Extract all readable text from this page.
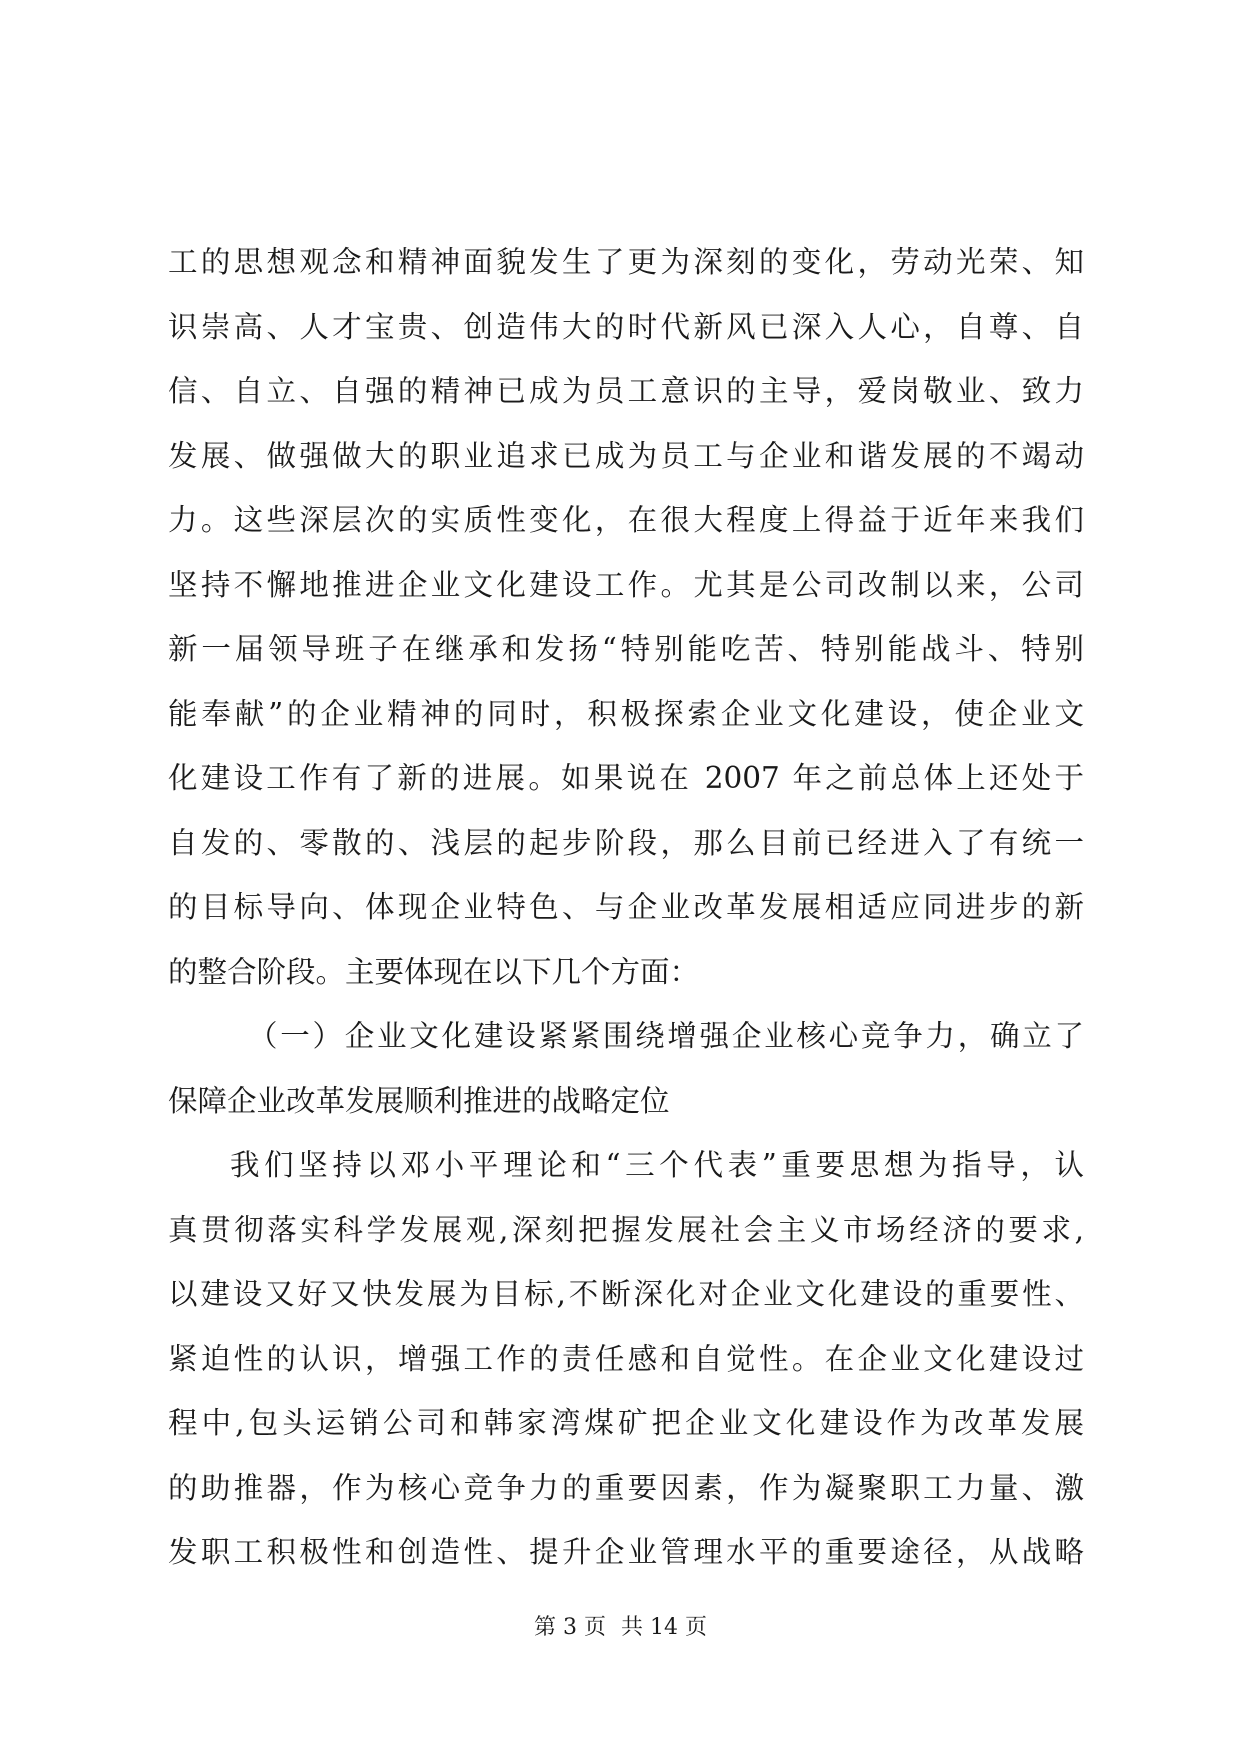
工的思想观念和精神面貌发生了更为深刻的变化，劳动光荣、知
识崇高、人才宝贵、创造伟大的时代新风已深入人心，自尊、自
信、自立、自强的精神已成为员工意识的主导，爱岗敬业、致力
发展、做强做大的职业追求已成为员工与企业和谐发展的不竭动
力。这些深层次的实质性变化，在很大程度上得益于近年来我们
坚持不懈地推进企业文化建设工作。尤其是公司改制以来，公司
新一届领导班子在继承和发扬“特别能吃苦、特别能战斗、特别
能奉献”的企业精神的同时，积极探索企业文化建设，使企业文
化建设工作有了新的进展。如果说在 2007 年之前总体上还处于
自发的、零散的、浅层的起步阶段，那么目前已经进入了有统一
的目标导向、体现企业特色、与企业改革发展相适应同进步的新
的整合阶段。主要体现在以下几个方面：
（一）企业文化建设紧紧围绕增强企业核心竞争力，确立了
保障企业改革发展顺利推进的战略定位
我们坚持以邓小平理论和“三个代表”重要思想为指导，认
真贯彻落实科学发展观,深刻把握发展社会主义市场经济的要求,
以建设又好又快发展为目标,不断深化对企业文化建设的重要性、
紧迫性的认识，增强工作的责任感和自觉性。在企业文化建设过
程中,包头运销公司和韩家湾煤矿把企业文化建设作为改革发展
的助推器，作为核心竞争力的重要因素，作为凝聚职工力量、激
发职工积极性和创造性、提升企业管理水平的重要途径，从战略
第 3 页 共 14 页
